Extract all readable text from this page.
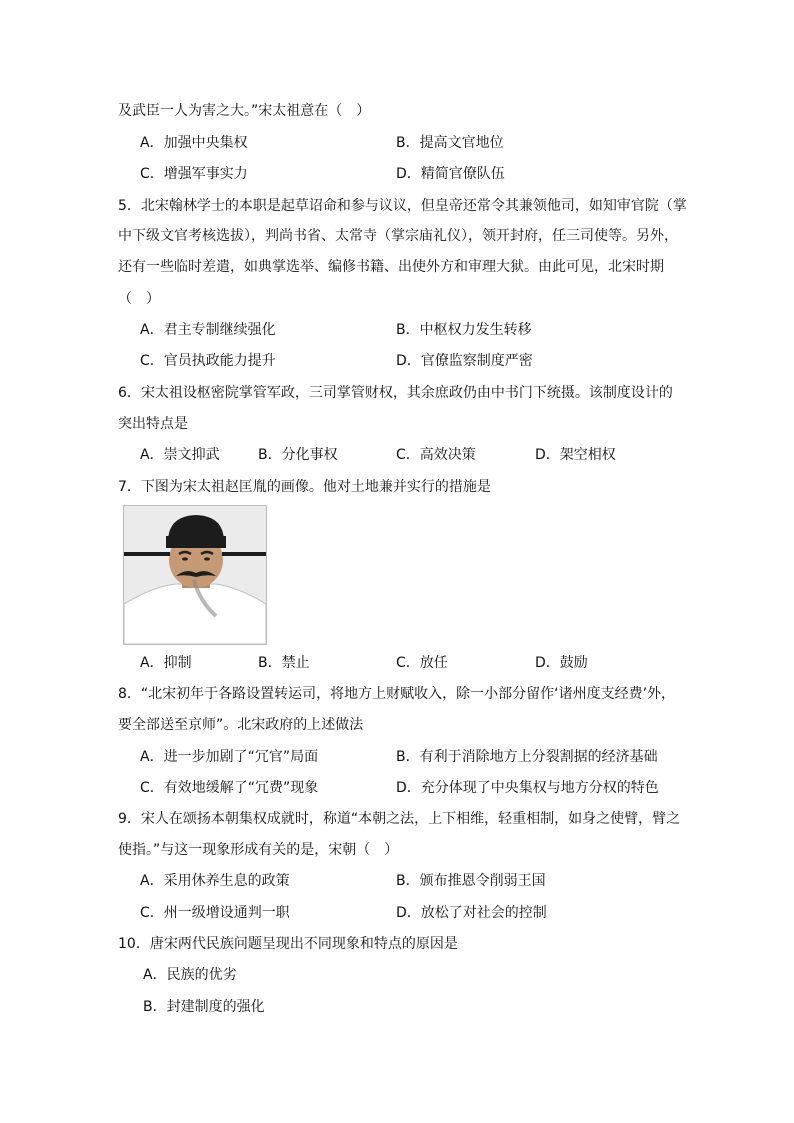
及武臣一人为害之大。”宋太祖意在（　）
A．加强中央集权	B．提高文官地位
C．增强军事实力	D．精简官僚队伍
5．北宋翰林学士的本职是起草诏命和参与议议，但皇帝还常令其兼领他司，如知审官院（掌
中下级文官考核选拔），判尚书省、太常寺（掌宗庙礼仪），领开封府，任三司使等。另外，
还有一些临时差遣，如典掌选举、编修书籍、出使外方和审理大狱。由此可见，北宋时期
（　）
A．君主专制继续强化	B．中枢权力发生转移
C．官员执政能力提升	D．官僚监察制度严密
6．宋太祖设枢密院掌管军政，三司掌管财权，其余庶政仍由中书门下统摄。该制度设计的
突出特点是
A．崇文抑武	B．分化事权	C．高效决策	D．架空相权
7．下图为宋太祖赵匡胤的画像。他对土地兼并实行的措施是
A．抑制	B．禁止	C．放任	D．鼓励
8．“北宋初年于各路设置转运司，将地方上财赋收入，除一小部分留作‘诸州度支经费’外，
要全部送至京师”。北宋政府的上述做法
A．进一步加剧了“冗官”局面	B．有利于消除地方上分裂割据的经济基础
C．有效地缓解了“冗费”现象	D．充分体现了中央集权与地方分权的特色
9．宋人在颂扬本朝集权成就时，称道“本朝之法，上下相维，轻重相制，如身之使臂，臂之
使指。”与这一现象形成有关的是，宋朝（　）
A．采用休养生息的政策	B．颁布推恩令削弱王国
C．州一级增设通判一职	D．放松了对社会的控制
10．唐宋两代民族问题呈现出不同现象和特点的原因是
A．民族的优劣
B．封建制度的强化
